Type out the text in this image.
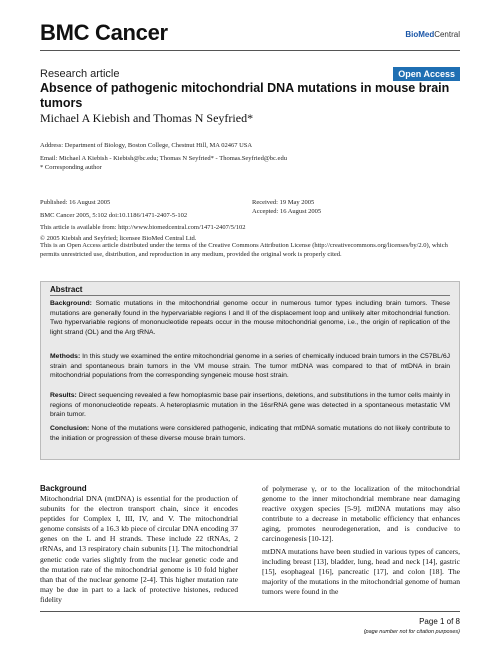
BMC Cancer	BioMedCentral
Research article	Open Access
Absence of pathogenic mitochondrial DNA mutations in mouse brain tumors
Michael A Kiebish and Thomas N Seyfried*
Address: Department of Biology, Boston College, Chestnut Hill, MA 02467 USA
Email: Michael A Kiebish - Kiebish@bc.edu; Thomas N Seyfried* - Thomas.Seyfried@bc.edu
* Corresponding author
Published: 16 August 2005	Received: 19 May 2005
Accepted: 16 August 2005
BMC Cancer 2005, 5:102 doi:10.1186/1471-2407-5-102
This article is available from: http://www.biomedcentral.com/1471-2407/5/102
© 2005 Kiebish and Seyfried; licensee BioMed Central Ltd.
This is an Open Access article distributed under the terms of the Creative Commons Attribution License (http://creativecommons.org/licenses/by/2.0), which permits unrestricted use, distribution, and reproduction in any medium, provided the original work is properly cited.
Abstract
Background: Somatic mutations in the mitochondrial genome occur in numerous tumor types including brain tumors. These mutations are generally found in the hypervariable regions I and II of the displacement loop and unlikely alter mitochondrial function. Two hypervariable regions of mononucleotide repeats occur in the mouse mitochondrial genome, i.e., the origin of replication of the light strand (OL) and the Arg tRNA.
Methods: In this study we examined the entire mitochondrial genome in a series of chemically induced brain tumors in the C57BL/6J strain and spontaneous brain tumors in the VM mouse strain. The tumor mtDNA was compared to that of mtDNA in brain mitochondrial populations from the corresponding syngeneic mouse host strain.
Results: Direct sequencing revealed a few homoplasmic base pair insertions, deletions, and substitutions in the tumor cells mainly in regions of mononucleotide repeats. A heteroplasmic mutation in the 16srRNA gene was detected in a spontaneous metastatic VM brain tumor.
Conclusion: None of the mutations were considered pathogenic, indicating that mtDNA somatic mutations do not likely contribute to the initiation or progression of these diverse mouse brain tumors.
Background
Mitochondrial DNA (mtDNA) is essential for the production of subunits for the electron transport chain, since it encodes peptides for Complex I, III, IV, and V. The mitochondrial genome consists of a 16.3 kb piece of circular DNA encoding 37 genes on the L and H strands. These include 22 tRNAs, 2 rRNAs, and 13 respiratory chain subunits [1]. The mitochondrial genetic code varies slightly from the nuclear genetic code and the mutation rate of the mitochondrial genome is 10 fold higher than that of the nuclear genome [2-4]. This higher mutation rate may be due in part to a lack of protective histones, reduced fidelity
of polymerase γ, or to the localization of the mitochondrial genome to the inner mitochondrial membrane near damaging reactive oxygen species [5-9]. mtDNA mutations may also contribute to a decrease in metabolic efficiency that enhances aging, promotes neurodegeneration, and is conducive to carcinogenesis [10-12].
mtDNA mutations have been studied in various types of cancers, including breast [13], bladder, lung, head and neck [14], gastric [15], esophageal [16], pancreatic [17], and colon [18]. The majority of the mutations in the mitochondrial genome of human tumors were found in the
Page 1 of 8
(page number not for citation purposes)
